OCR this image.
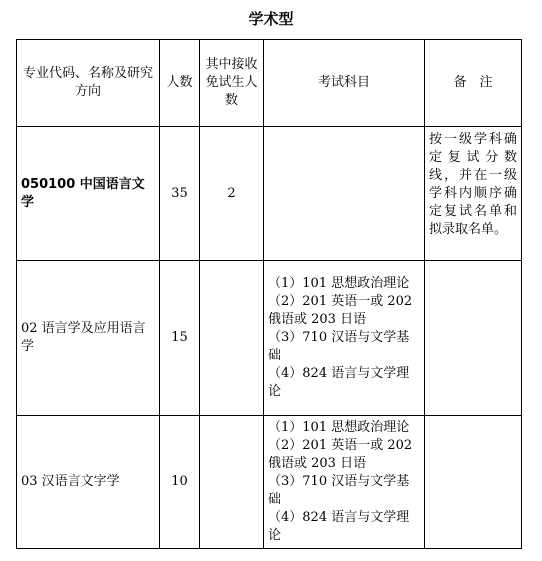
学术型
专业代码、名称及研究方向	人数	其中接收免试生人数	考试科目	备　注
050100 中国语言文学	35	2		按一级学科确定复试分数线，并在一级学科内顺序确定复试名单和拟录取名单。
02 语言学及应用语言学	15		（1）101 思想政治理论
（2）201 英语一或 202 俄语或 203 日语
（3）710 汉语与文学基础
（4）824 语言与文学理论	

03 汉语言文字学	10		（1）101 思想政治理论
（2）201 英语一或 202 俄语或 203 日语
（3）710 汉语与文学基础
（4）824 语言与文学理论	
